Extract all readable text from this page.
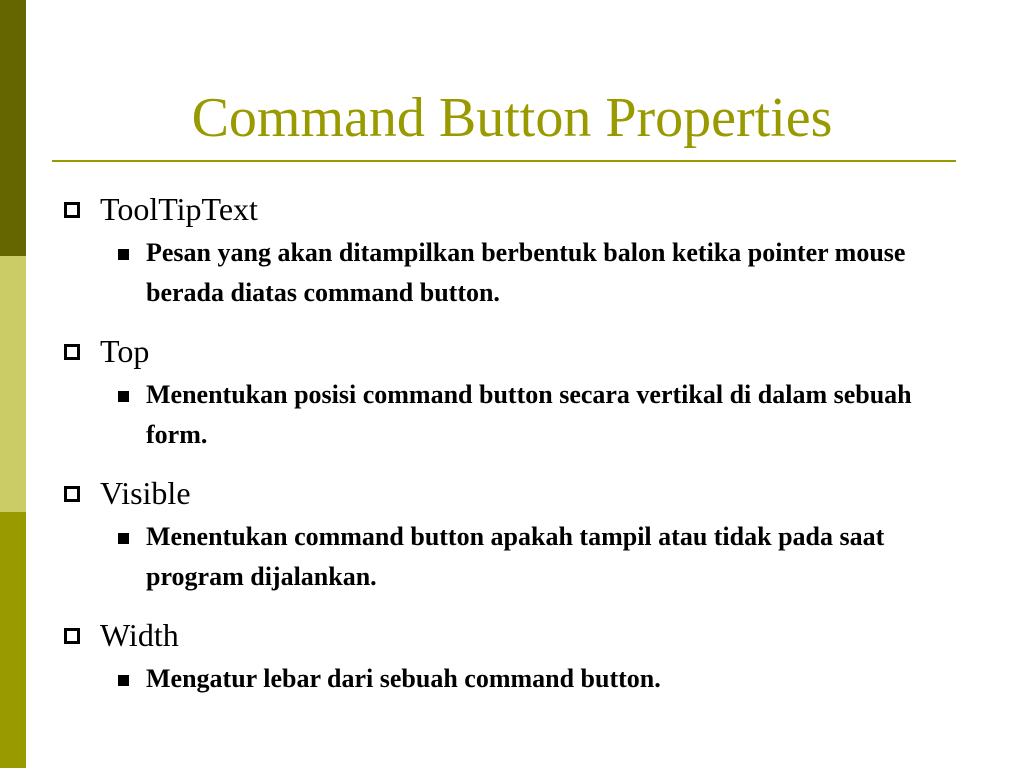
Command Button Properties
ToolTipText
Pesan yang akan ditampilkan berbentuk balon ketika pointer mouse berada diatas command button.
Top
Menentukan posisi command button secara vertikal di dalam sebuah form.
Visible
Menentukan command button apakah tampil atau tidak pada saat program dijalankan.
Width
Mengatur lebar dari sebuah command button.
